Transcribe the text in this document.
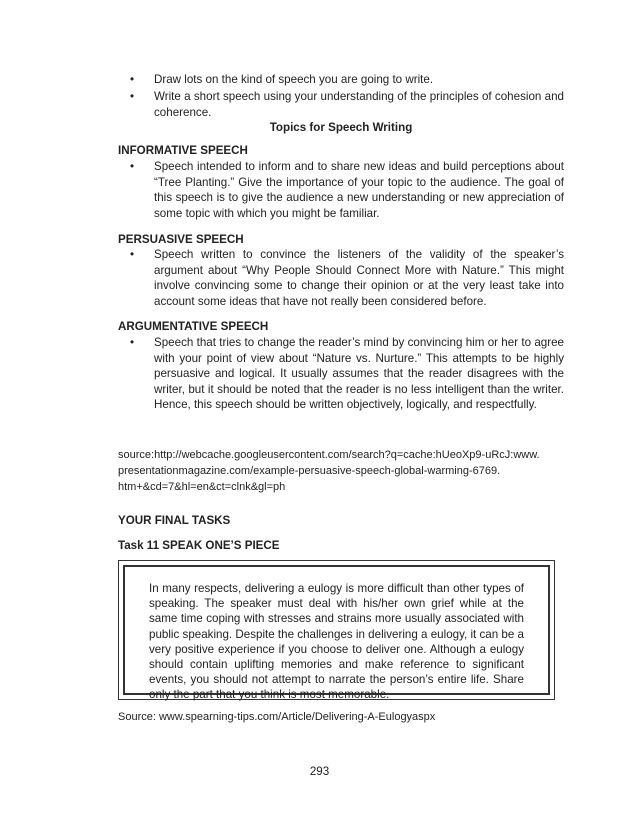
•	Draw lots on the kind of speech you are going to write.

•	Write a short speech using your understanding of the principles of cohesion and coherence.

Topics for Speech Writing

INFORMATIVE SPEECH

•	Speech intended to inform and to share new ideas and build perceptions about “Tree Planting.” Give the importance of your topic to the audience. The goal of this speech is to give the audience a new understanding or new appreciation of some topic with which you might be familiar.

PERSUASIVE SPEECH

•	Speech written to convince the listeners of the validity of the speaker’s argument about “Why People Should Connect More with Nature.” This might involve convincing some to change their opinion or at the very least take into account some ideas that have not really been considered before.

ARGUMENTATIVE SPEECH

•	Speech that tries to change the reader’s mind by convincing him or her to agree with your point of view about “Nature vs. Nurture.” This attempts to be highly persuasive and logical. It usually assumes that the reader disagrees with the writer, but it should be noted that the reader is no less intelligent than the writer. Hence, this speech should be written objectively, logically, and respectfully.

source:http://webcache.googleusercontent.com/search?q=cache:hUeoXp9-uRcJ:www.

presentationmagazine.com/example-persuasive-speech-global-warming-6769.

htm+&cd=7&hl=en&ct=clnk&gl=ph

YOUR FINAL TASKS

Task 11 SPEAK ONE’S PIECE

In many respects, delivering a eulogy is more difficult than other types of speaking. The speaker must deal with his/her own grief while at the same time coping with stresses and strains more usually associated with public speaking. Despite the challenges in delivering a eulogy, it can be a very positive experience if you choose to deliver one. Although a eulogy should contain uplifting memories and make reference to significant events, you should not attempt to narrate the person’s entire life. Share only the part that you think is most memorable.

Source: www.spearning-tips.com/Article/Delivering-A-Eulogyaspx

293
